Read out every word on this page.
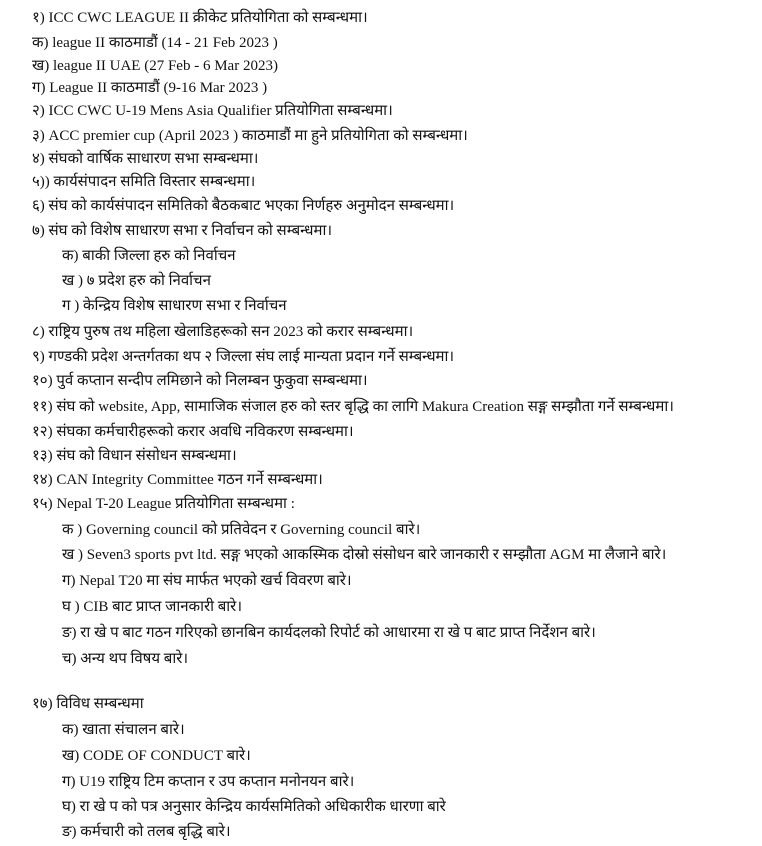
१) ICC CWC LEAGUE II क्रीकेट प्रतियोगिता को सम्बन्धमा।
क) league II काठमाडौं (14 - 21 Feb 2023 )
ख) league II UAE (27 Feb - 6 Mar 2023)
ग) League II काठमाडौं (9-16 Mar 2023 )
२) ICC CWC U-19 Mens Asia Qualifier प्रतियोगिता सम्बन्धमा।
३) ACC premier cup (April 2023 ) काठमाडौं मा हुने प्रतियोगिता को सम्बन्धमा।
४) संघको वार्षिक साधारण सभा सम्बन्धमा।
५)) कार्यसंपादन समिति विस्तार सम्बन्धमा।
६) संघ को कार्यसंपादन समितिको बैठकबाट भएका निर्णहरु अनुमोदन सम्बन्धमा।
७) संघ को विशेष साधारण सभा र निर्वाचन को सम्बन्धमा।
क) बाकी जिल्ला हरु को निर्वाचन
ख ) ७ प्रदेश हरु को निर्वाचन
ग ) केन्द्रिय विशेष साधारण सभा र निर्वाचन
८) राष्ट्रिय पुरुष तथ महिला खेलाडिहरूको सन 2023 को करार सम्बन्धमा।
९) गण्डकी प्रदेश अन्तर्गतका थप २ जिल्ला संघ लाई मान्यता प्रदान गर्ने सम्बन्धमा।
१०) पुर्व कप्तान सन्दीप लमिछाने को निलम्बन फुकुवा सम्बन्धमा।
११) संघ को website, App, सामाजिक संजाल हरु को स्तर बृद्धि का लागि Makura Creation सङ्ग सम्झौता गर्ने सम्बन्धमा।
१२) संघका कर्मचारीहरूको करार अवधि नविकरण सम्बन्धमा।
१३) संघ को विधान संसोधन सम्बन्धमा।
१४) CAN Integrity Committee गठन गर्ने सम्बन्धमा।
१५) Nepal T-20 League प्रतियोगिता सम्बन्धमा :
क ) Governing council को प्रतिवेदन र Governing council बारे।
ख ) Seven3 sports pvt ltd. सङ्ग भएको आकस्मिक दोस्रो संसोधन बारे जानकारी र सम्झौता AGM मा लैजाने बारे।
ग) Nepal T20 मा संघ मार्फत भएको खर्च विवरण बारे।
घ ) CIB बाट प्राप्त जानकारी बारे।
ङ) रा खे प बाट गठन गरिएको छानबिन कार्यदलको रिपोर्ट को आधारमा रा खे प बाट प्राप्त निर्देशन बारे।
च) अन्य थप विषय बारे।
१७) विविध सम्बन्धमा
क) खाता संचालन बारे।
ख) CODE OF CONDUCT बारे।
ग) U19 राष्ट्रिय टिम कप्तान र उप कप्तान मनोनयन बारे।
घ) रा खे प को पत्र अनुसार केन्द्रिय कार्यसमितिको अधिकारीक धारणा बारे
ङ) कर्मचारी को तलब बृद्धि बारे।
